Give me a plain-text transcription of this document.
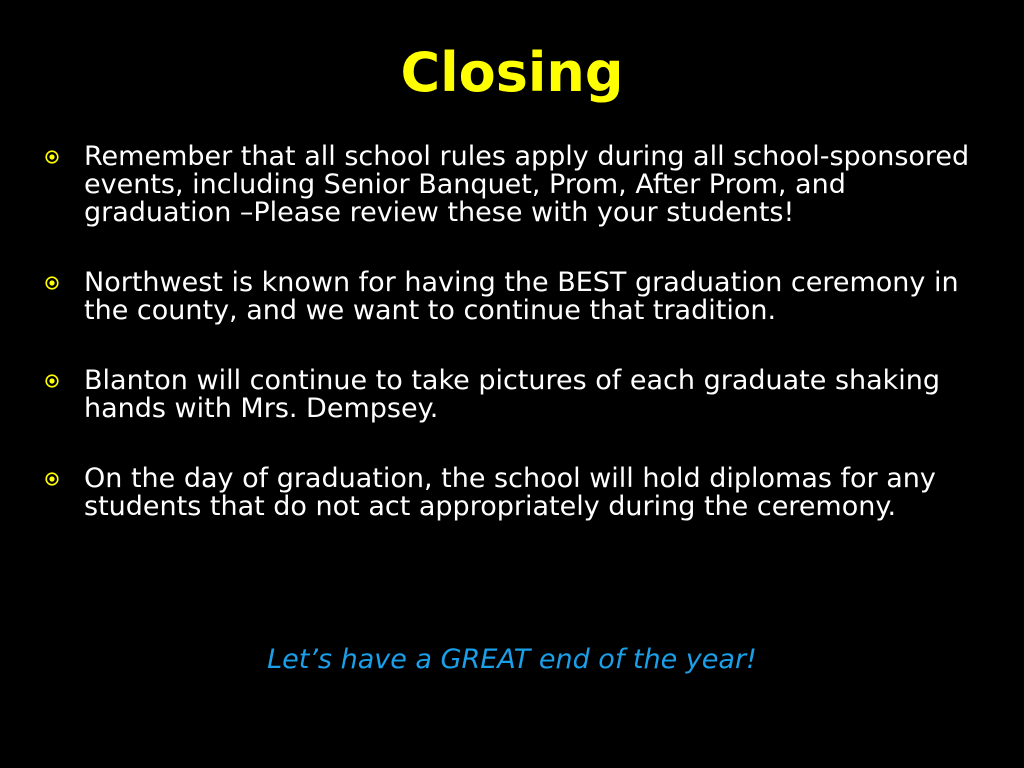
Closing
Remember that all school rules apply during all school-sponsored events, including Senior Banquet, Prom, After Prom, and graduation –Please review these with your students!
Northwest is known for having the BEST graduation ceremony in the county, and we want to continue that tradition.
Blanton will continue to take pictures of each graduate shaking hands with Mrs. Dempsey.
On the day of graduation, the school will hold diplomas for any students that do not act appropriately during the ceremony.
Let’s have a GREAT end of the year!
